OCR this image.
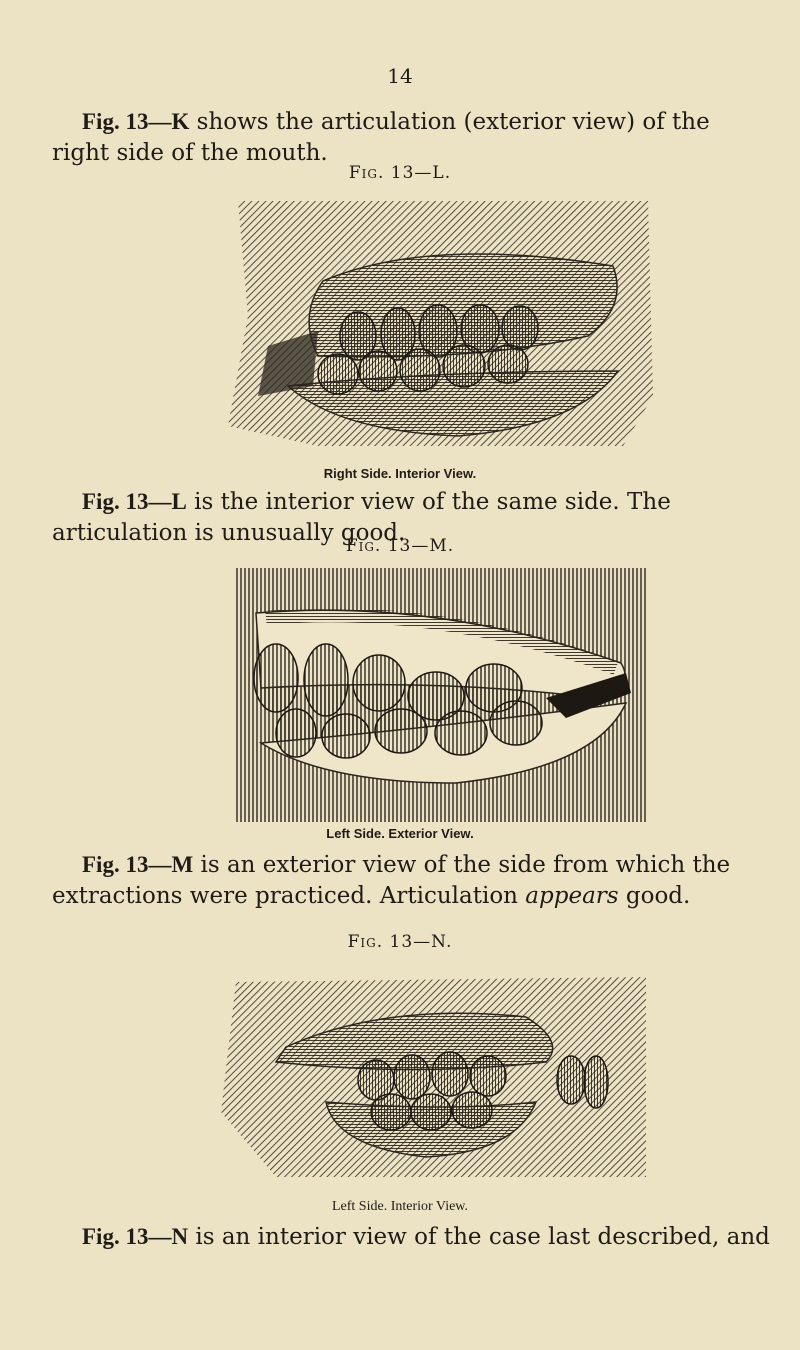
14

Fig. 13—K shows the articulation (exterior view) of the right side of the mouth.

Fig. 13—L.
Right Side. Interior View.

Fig. 13—L is the interior view of the same side. The articulation is unusually good.

Fig. 13—M.
Left Side. Exterior View.

Fig. 13—M is an exterior view of the side from which the extractions were practiced. Articulation appears good.

Fig. 13—N.
Left Side. Interior View.

Fig. 13—N is an interior view of the case last described, and
